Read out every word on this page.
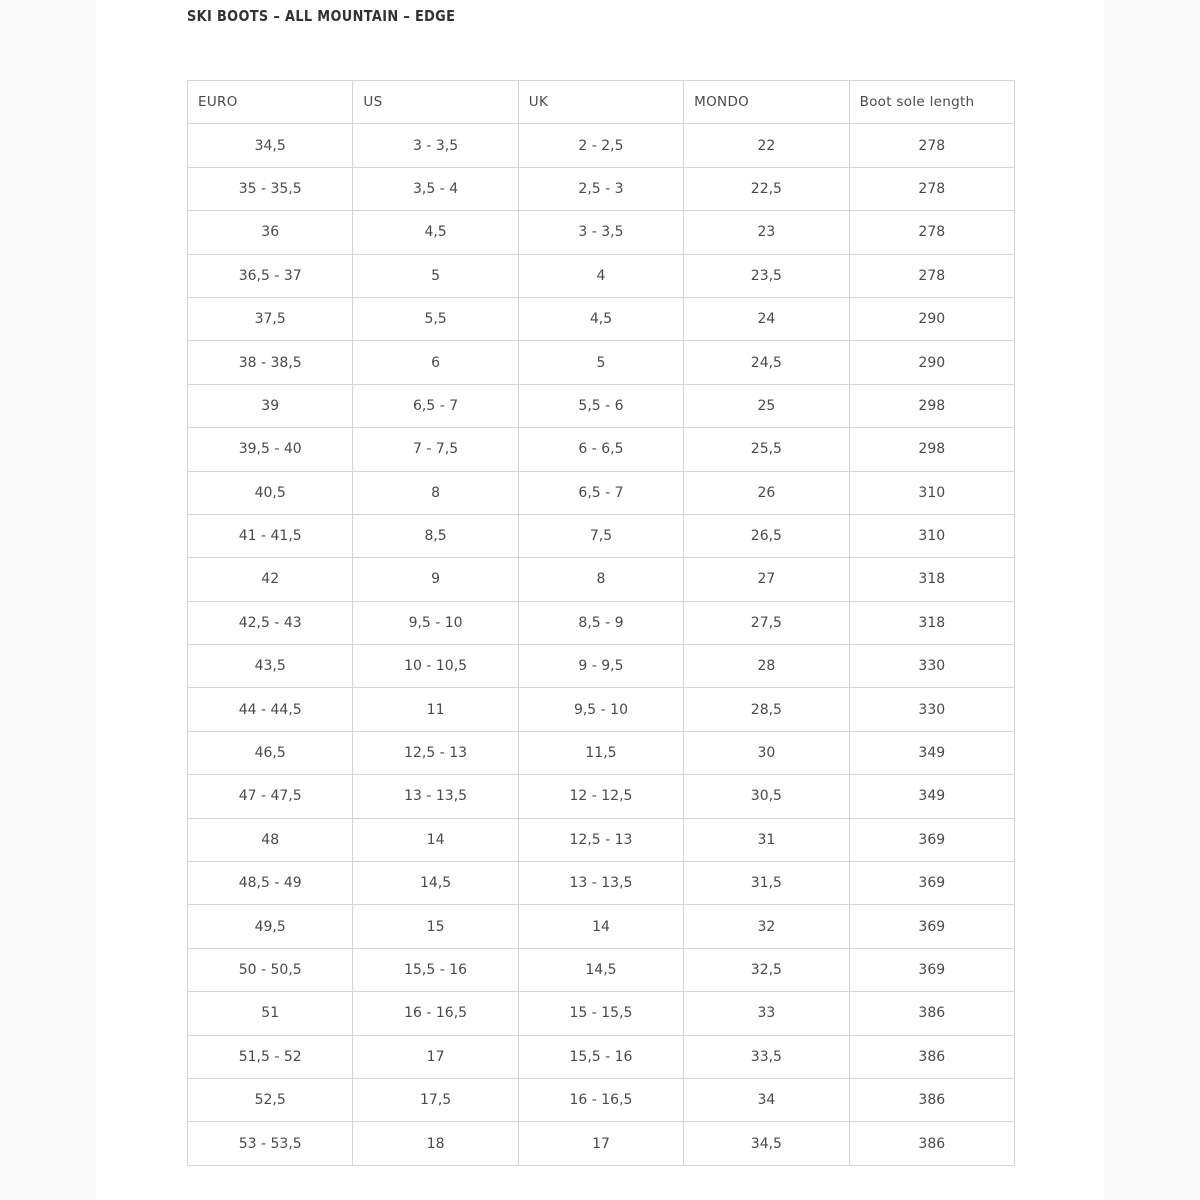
SKI BOOTS – ALL MOUNTAIN – EDGE
EURO	US	UK	MONDO	Boot sole length
34,5	3 - 3,5	2 - 2,5	22	278
35 - 35,5	3,5 - 4	2,5 - 3	22,5	278
36	4,5	3 - 3,5	23	278
36,5 - 37	5	4	23,5	278
37,5	5,5	4,5	24	290
38 - 38,5	6	5	24,5	290
39	6,5 - 7	5,5 - 6	25	298
39,5 - 40	7 - 7,5	6 - 6,5	25,5	298
40,5	8	6,5 - 7	26	310
41 - 41,5	8,5	7,5	26,5	310
42	9	8	27	318
42,5 - 43	9,5 - 10	8,5 - 9	27,5	318
43,5	10 - 10,5	9 - 9,5	28	330
44 - 44,5	11	9,5 - 10	28,5	330
46,5	12,5 - 13	11,5	30	349
47 - 47,5	13 - 13,5	12 - 12,5	30,5	349
48	14	12,5 - 13	31	369
48,5 - 49	14,5	13 - 13,5	31,5	369
49,5	15	14	32	369
50 - 50,5	15,5 - 16	14,5	32,5	369
51	16 - 16,5	15 - 15,5	33	386
51,5 - 52	17	15,5 - 16	33,5	386
52,5	17,5	16 - 16,5	34	386
53 - 53,5	18	17	34,5	386
